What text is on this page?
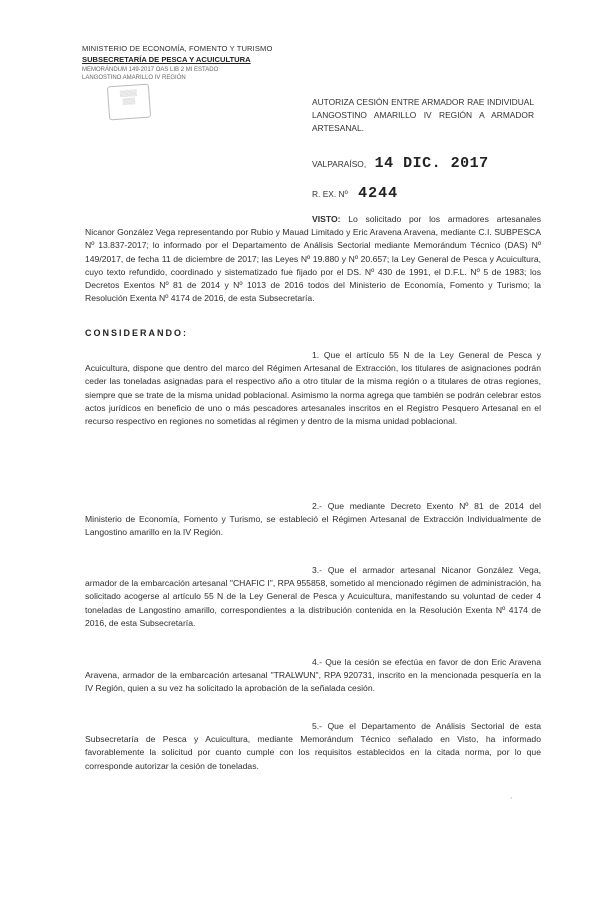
MINISTERIO DE ECONOMÍA, FOMENTO Y TURISMO
SUBSECRETARÍA DE PESCA Y ACUICULTURA
MEMORÁNDUM 149-2017 OAS LIB 2 MI ESTADO
LANGOSTINO AMARILLO IV REGIÓN
▒▒▒▒
▒▒▒	AUTORIZA CESIÓN ENTRE ARMADOR RAE INDIVIDUAL LANGOSTINO AMARILLO IV REGIÓN A ARMADOR ARTESANAL.
VALPARAÍSO, 14 DIC. 2017
R. EX. Nº 4244
VISTO: Lo solicitado por los armadores artesanales Nicanor González Vega representando por Rubio y Mauad Limitado y Eric Aravena Aravena, mediante C.I. SUBPESCA Nº 13.837-2017; lo informado por el Departamento de Análisis Sectorial mediante Memorándum Técnico (DAS) Nº 149/2017, de fecha 11 de diciembre de 2017; las Leyes Nº 19.880 y Nº 20.657; la Ley General de Pesca y Acuicultura, cuyo texto refundido, coordinado y sistematizado fue fijado por el DS. Nº 430 de 1991, el D.F.L. Nº 5 de 1983; los Decretos Exentos Nº 81 de 2014 y Nº 1013 de 2016 todos del Ministerio de Economía, Fomento y Turismo; la Resolución Exenta Nº 4174 de 2016, de esta Subsecretaría.
CONSIDERANDO:
1. Que el artículo 55 N de la Ley General de Pesca y Acuicultura, dispone que dentro del marco del Régimen Artesanal de Extracción, los titulares de asignaciones podrán ceder las toneladas asignadas para el respectivo año a otro titular de la misma región o a titulares de otras regiones, siempre que se trate de la misma unidad poblacional. Asimismo la norma agrega que también se podrán celebrar estos actos jurídicos en beneficio de uno o más pescadores artesanales inscritos en el Registro Pesquero Artesanal en el recurso respectivo en regiones no sometidas al régimen y dentro de la misma unidad poblacional.
2.- Que mediante Decreto Exento Nº 81 de 2014 del Ministerio de Economía, Fomento y Turismo, se estableció el Régimen Artesanal de Extracción Individualmente de Langostino amarillo en la IV Región.
3.- Que el armador artesanal Nicanor González Vega, armador de la embarcación artesanal "CHAFIC I", RPA 955858, sometido al mencionado régimen de administración, ha solicitado acogerse al artículo 55 N de la Ley General de Pesca y Acuicultura, manifestando su voluntad de ceder 4 toneladas de Langostino amarillo, correspondientes a la distribución contenida en la Resolución Exenta Nº 4174 de 2016, de esta Subsecretaría.
4.- Que la cesión se efectúa en favor de don Eric Aravena Aravena, armador de la embarcación artesanal "TRALWUN", RPA 920731, inscrito en la mencionada pesquería en la IV Región, quien a su vez ha solicitado la aprobación de la señalada cesión.
5.- Que el Departamento de Análisis Sectorial de esta Subsecretaría de Pesca y Acuicultura, mediante Memorándum Técnico señalado en Visto, ha informado favorablemente la solicitud por cuanto cumple con los requisitos establecidos en la citada norma, por lo que corresponde autorizar la cesión de toneladas.
,
